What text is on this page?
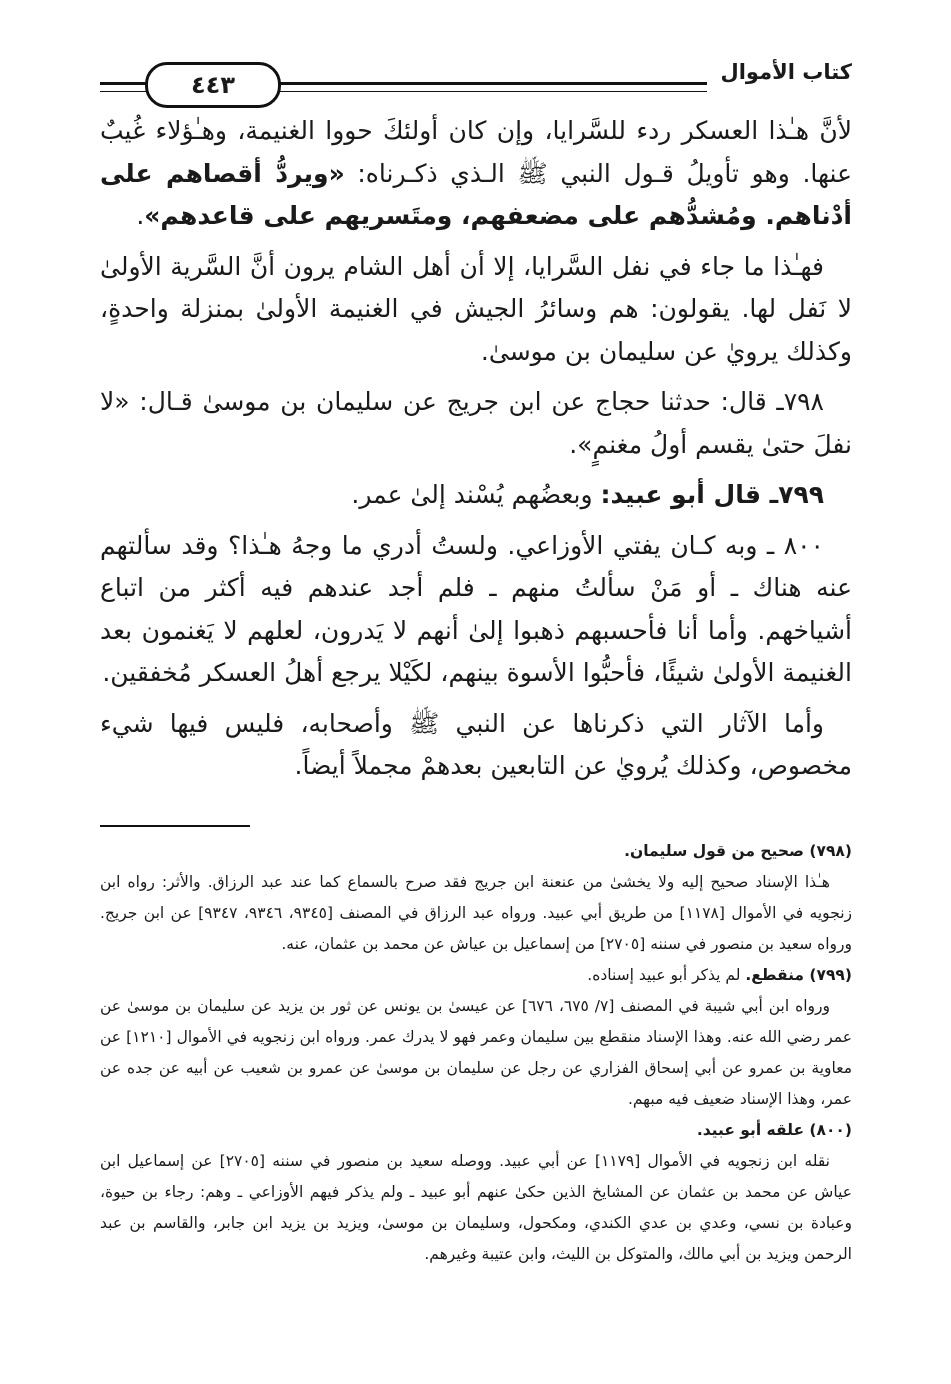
٤٤٣	كتاب الأموال

لأنَّ هـٰذا العسكر ردء للسَّرايا، وإن كان أولئكَ حووا الغنيمة، وهـٰؤلاء غُيبٌ عنها. وهو تأويلُ قـول النبي ﷺ الـذي ذكـرناه: «ويردُّ أقصاهم على أدْناهم. ومُشدُّهم على مضعفهم، ومتَسريهم على قاعدهم».

فهـٰذا ما جاء في نفل السَّرايا، إلا أن أهل الشام يرون أنَّ السَّرية الأولىٰ لا نَفل لها. يقولون: هم وسائرُ الجيش في الغنيمة الأولىٰ بمنزلة واحدةٍ، وكذلك يرويٰ عن سليمان بن موسىٰ.

٧٩٨ـ قال: حدثنا حجاج عن ابن جريج عن سليمان بن موسىٰ قـال: «لا نفلَ حتىٰ يقسم أولُ مغنمٍ».

٧٩٩ـ قال أبو عبيد: وبعضُهم يُسْند إلىٰ عمر.

٨٠٠ ـ وبه كـان يفتي الأوزاعي. ولستُ أدري ما وجهُ هـٰذا؟ وقد سألتهم عنه هناك ـ أو مَنْ سألتُ منهم ـ فلم أجد عندهم فيه أكثر من اتباع أشياخهم. وأما أنا فأحسبهم ذهبوا إلىٰ أنهم لا يَدرون، لعلهم لا يَغنمون بعد الغنيمة الأولىٰ شيئًا، فأحبُّوا الأسوة بينهم، لكَيْلا يرجع أهلُ العسكر مُخفقين.

وأما الآثار التي ذكرناها عن النبي ﷺ وأصحابه، فليس فيها شيء مخصوص، وكذلك يُرويٰ عن التابعين بعدهمْ مجملاً أيضاً.

(٧٩٨) صحيح من قول سليمان.

هـٰذا الإسناد صحيح إليه ولا يخشىٰ من عنعنة ابن جريج فقد صرح بالسماع كما عند عبد الرزاق. والأثر: رواه ابن زنجويه في الأموال [١١٧٨] من طريق أبي عبيد. ورواه عبد الرزاق في المصنف [٩٣٤٥، ٩٣٤٦، ٩٣٤٧] عن ابن جريج. ورواه سعيد بن منصور في سننه [٢٧٠٥] من إسماعيل بن عياش عن محمد بن عثمان، عنه.

(٧٩٩) منقطع. لم يذكر أبو عبيد إسناده.

ورواه ابن أبي شيبة في المصنف [٧/ ٦٧٥، ٦٧٦] عن عيسىٰ بن يونس عن ثور بن يزيد عن سليمان بن موسىٰ عن عمر رضي الله عنه. وهذا الإسناد منقطع بين سليمان وعمر فهو لا يدرك عمر. ورواه ابن زنجويه في الأموال [١٢١٠] عن معاوية بن عمرو عن أبي إسحاق الفزاري عن رجل عن سليمان بن موسىٰ عن عمرو بن شعيب عن أبيه عن جده عن عمر، وهذا الإسناد ضعيف فيه مبهم.

(٨٠٠) علقه أبو عبيد.

نقله ابن زنجويه في الأموال [١١٧٩] عن أبي عبيد. ووصله سعيد بن منصور في سننه [٢٧٠٥] عن إسماعيل ابن عياش عن محمد بن عثمان عن المشايخ الذين حكىٰ عنهم أبو عبيد ـ ولم يذكر فيهم الأوزاعي ـ وهم: رجاء بن حيوة، وعبادة بن نسي، وعدي بن عدي الكندي، ومكحول، وسليمان بن موسىٰ، ويزيد بن يزيد ابن جابر، والقاسم بن عبد الرحمن ويزيد بن أبي مالك، والمتوكل بن الليث، وابن عتيبة وغيرهم.
